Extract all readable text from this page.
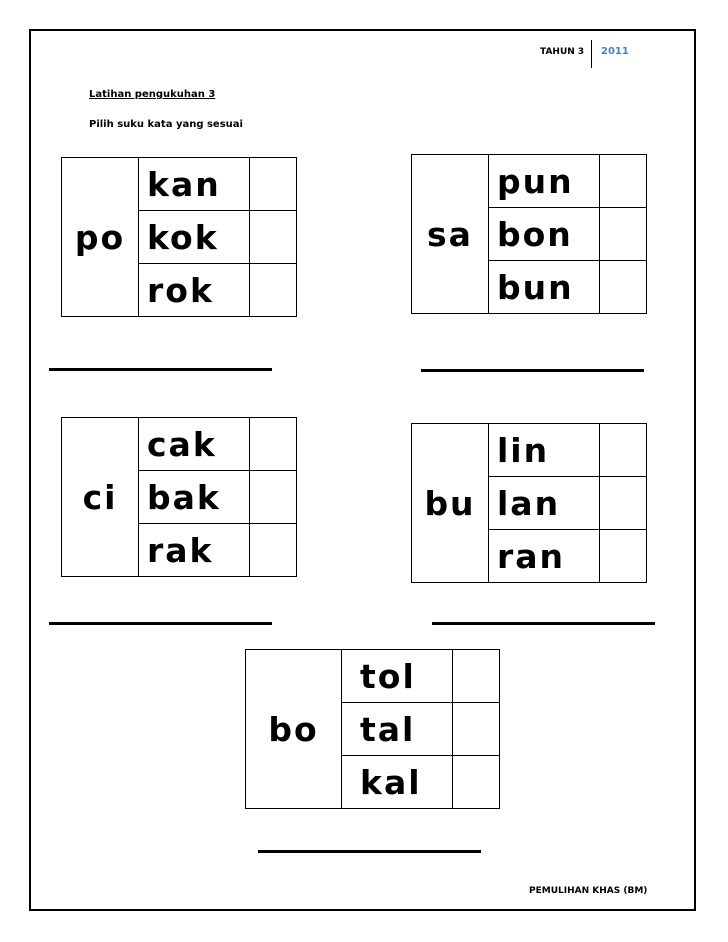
TAHUN 3 2011
Latihan pengukuhan 3
Pilih suku kata yang sesuai
po	kan	
	kok	
	rok	
sa	pun	
	bon	
	bun	
ci	cak	
	bak	
	rak	
bu	lin	
	lan	
	ran	
bo	tol	
	tal	
	kal	
PEMULIHAN KHAS (BM)
